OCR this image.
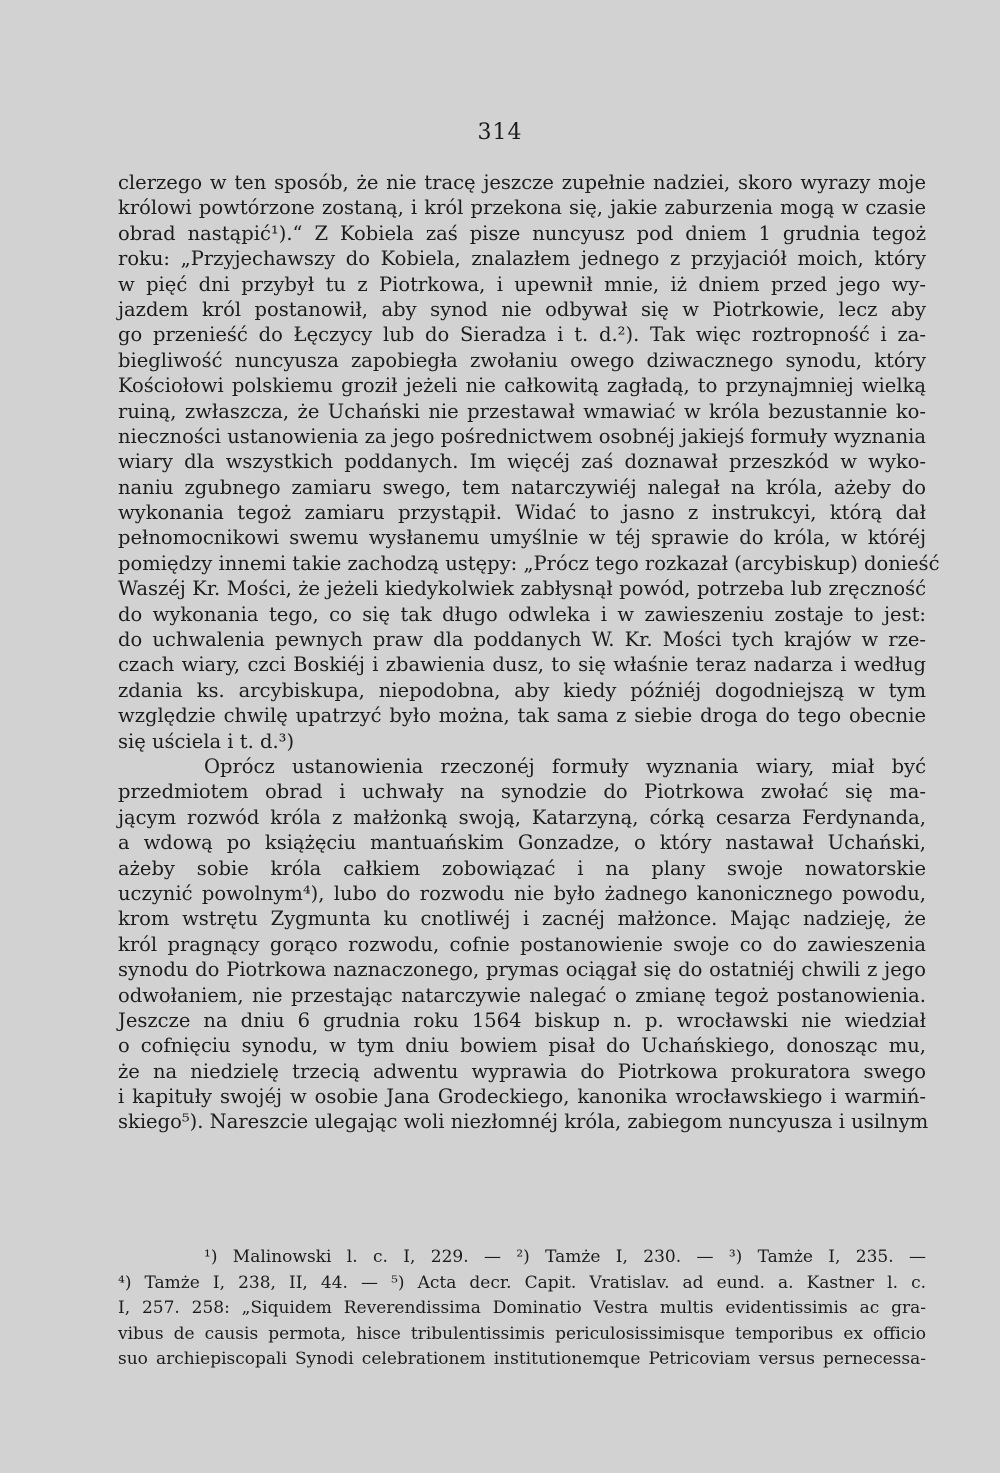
314
clerzego w ten sposób, że nie tracę jeszcze zupełnie nadziei, skoro wyrazy moje
królowi powtórzone zostaną, i król przekona się, jakie zaburzenia mogą w czasie
obrad nastąpić¹).“ Z Kobiela zaś pisze nuncyusz pod dniem 1 grudnia tegoż
roku: „Przyjechawszy do Kobiela, znalazłem jednego z przyjaciół moich, który
w pięć dni przybył tu z Piotrkowa, i upewnił mnie, iż dniem przed jego wy-
jazdem król postanowił, aby synod nie odbywał się w Piotrkowie, lecz aby
go przenieść do Łęczycy lub do Sieradza i t. d.²). Tak więc roztropność i za-
biegliwość nuncyusza zapobiegła zwołaniu owego dziwacznego synodu, który
Kościołowi polskiemu groził jeżeli nie całkowitą zagładą, to przynajmniej wielką
ruiną, zwłaszcza, że Uchański nie przestawał wmawiać w króla bezustannie ko-
nieczności ustanowienia za jego pośrednictwem osobnéj jakiejś formuły wyznania
wiary dla wszystkich poddanych. Im więcéj zaś doznawał przeszkód w wyko-
naniu zgubnego zamiaru swego, tem natarczywiéj nalegał na króla, ażeby do
wykonania tegoż zamiaru przystąpił. Widać to jasno z instrukcyi, którą dał
pełnomocnikowi swemu wysłanemu umyślnie w téj sprawie do króla, w któréj
pomiędzy innemi takie zachodzą ustępy: „Prócz tego rozkazał (arcybiskup) donieść
Waszéj Kr. Mości, że jeżeli kiedykolwiek zabłysnął powód, potrzeba lub zręczność
do wykonania tego, co się tak długo odwleka i w zawieszeniu zostaje to jest:
do uchwalenia pewnych praw dla poddanych W. Kr. Mości tych krajów w rze-
czach wiary, czci Boskiéj i zbawienia dusz, to się właśnie teraz nadarza i według
zdania ks. arcybiskupa, niepodobna, aby kiedy późniéj dogodniejszą w tym
względzie chwilę upatrzyć było można, tak sama z siebie droga do tego obecnie
się uściela i t. d.³)
Oprócz ustanowienia rzeczonéj formuły wyznania wiary, miał być
przedmiotem obrad i uchwały na synodzie do Piotrkowa zwołać się ma-
jącym rozwód króla z małżonką swoją, Katarzyną, córką cesarza Ferdynanda,
a wdową po książęciu mantuańskim Gonzadze, o który nastawał Uchański,
ażeby sobie króla całkiem zobowiązać i na plany swoje nowatorskie
uczynić powolnym⁴), lubo do rozwodu nie było żadnego kanonicznego powodu,
krom wstrętu Zygmunta ku cnotliwéj i zacnéj małżonce. Mając nadzieję, że
król pragnący gorąco rozwodu, cofnie postanowienie swoje co do zawieszenia
synodu do Piotrkowa naznaczonego, prymas ociągał się do ostatniéj chwili z jego
odwołaniem, nie przestając natarczywie nalegać o zmianę tegoż postanowienia.
Jeszcze na dniu 6 grudnia roku 1564 biskup n. p. wrocławski nie wiedział
o cofnięciu synodu, w tym dniu bowiem pisał do Uchańskiego, donosząc mu,
że na niedzielę trzecią adwentu wyprawia do Piotrkowa prokuratora swego
i kapituły swojéj w osobie Jana Grodeckiego, kanonika wrocławskiego i warmiń-
skiego⁵). Nareszcie ulegając woli niezłomnéj króla, zabiegom nuncyusza i usilnym
¹) Malinowski l. c. I, 229. — ²) Tamże I, 230. — ³) Tamże I, 235. —
⁴) Tamże I, 238, II, 44. — ⁵) Acta decr. Capit. Vratislav. ad eund. a. Kastner l. c.
I, 257. 258: „Siquidem Reverendissima Dominatio Vestra multis evidentissimis ac gra-
vibus de causis permota, hisce tribulentissimis periculosissimisque temporibus ex officio
suo archiepiscopali Synodi celebrationem institutionemque Petricoviam versus pernecessa-
